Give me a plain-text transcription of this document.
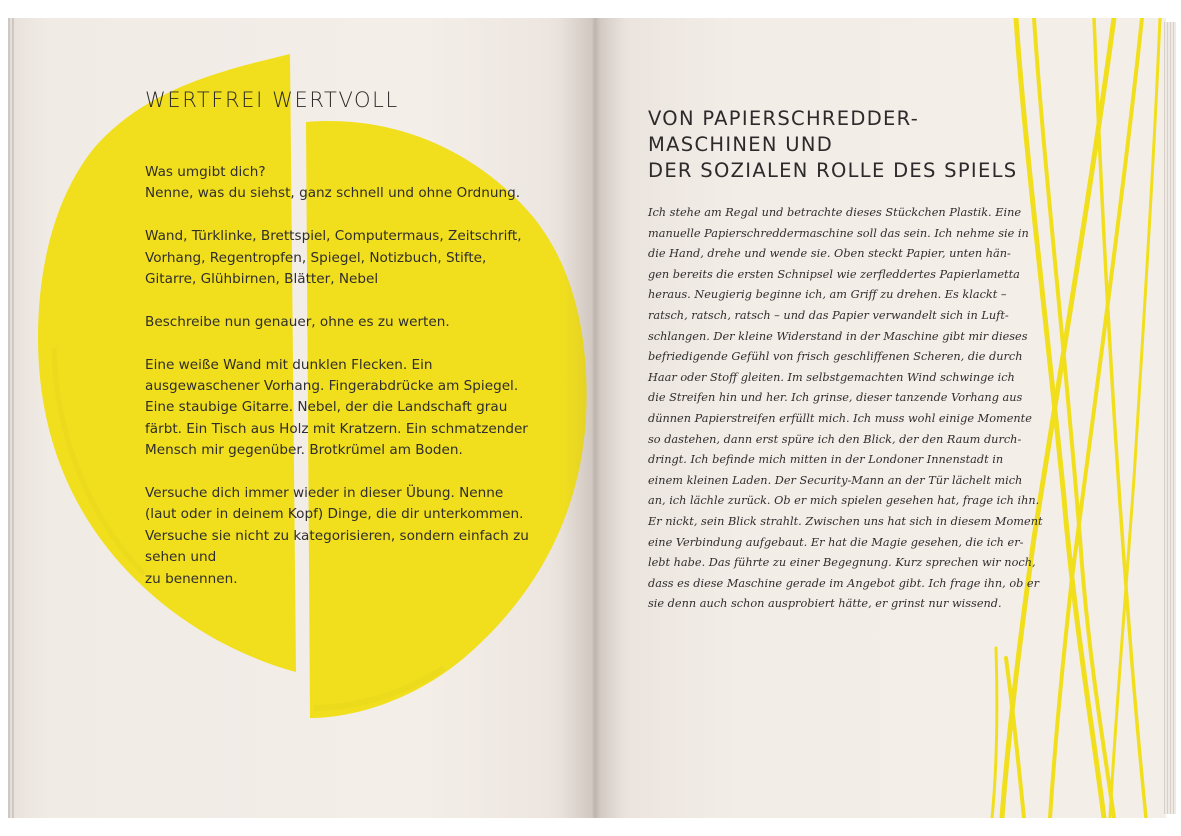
WERTFREI WERTVOLL

Was umgibt dich?
Nenne, was du siehst, ganz schnell und ohne Ordnung.

Wand, Türklinke, Brettspiel, Computermaus, Zeitschrift,
Vorhang, Regentropfen, Spiegel, Notizbuch, Stifte,
Gitarre, Glühbirnen, Blätter, Nebel

Beschreibe nun genauer, ohne es zu werten.

Eine weiße Wand mit dunklen Flecken. Ein
ausgewaschener Vorhang. Fingerabdrücke am Spiegel.
Eine staubige Gitarre. Nebel, der die Landschaft grau
färbt. Ein Tisch aus Holz mit Kratzern. Ein schmatzender
Mensch mir gegenüber. Brotkrümel am Boden.

Versuche dich immer wieder in dieser Übung. Nenne
(laut oder in deinem Kopf) Dinge, die dir unterkommen.
Versuche sie nicht zu kategorisieren, sondern einfach zu
sehen und
zu benennen.

VON PAPIERSCHREDDER-
MASCHINEN UND
DER SOZIALEN ROLLE DES SPIELS
Ich stehe am Regal und betrachte dieses Stückchen Plastik. Eine
manuelle Papierschreddermaschine soll das sein. Ich nehme sie in
die Hand, drehe und wende sie. Oben steckt Papier, unten hän-
gen bereits die ersten Schnipsel wie zerfleddertes Papierlametta
heraus. Neugierig beginne ich, am Griff zu drehen. Es klackt –
ratsch, ratsch, ratsch – und das Papier verwandelt sich in Luft-
schlangen. Der kleine Widerstand in der Maschine gibt mir dieses
befriedigende Gefühl von frisch geschliffenen Scheren, die durch
Haar oder Stoff gleiten. Im selbstgemachten Wind schwinge ich
die Streifen hin und her. Ich grinse, dieser tanzende Vorhang aus
dünnen Papierstreifen erfüllt mich. Ich muss wohl einige Momente
so dastehen, dann erst spüre ich den Blick, der den Raum durch-
dringt. Ich befinde mich mitten in der Londoner Innenstadt in
einem kleinen Laden. Der Security-Mann an der Tür lächelt mich
an, ich lächle zurück. Ob er mich spielen gesehen hat, frage ich ihn.
Er nickt, sein Blick strahlt. Zwischen uns hat sich in diesem Moment
eine Verbindung aufgebaut. Er hat die Magie gesehen, die ich er-
lebt habe. Das führte zu einer Begegnung. Kurz sprechen wir noch,
dass es diese Maschine gerade im Angebot gibt. Ich frage ihn, ob er
sie denn auch schon ausprobiert hätte, er grinst nur wissend.
